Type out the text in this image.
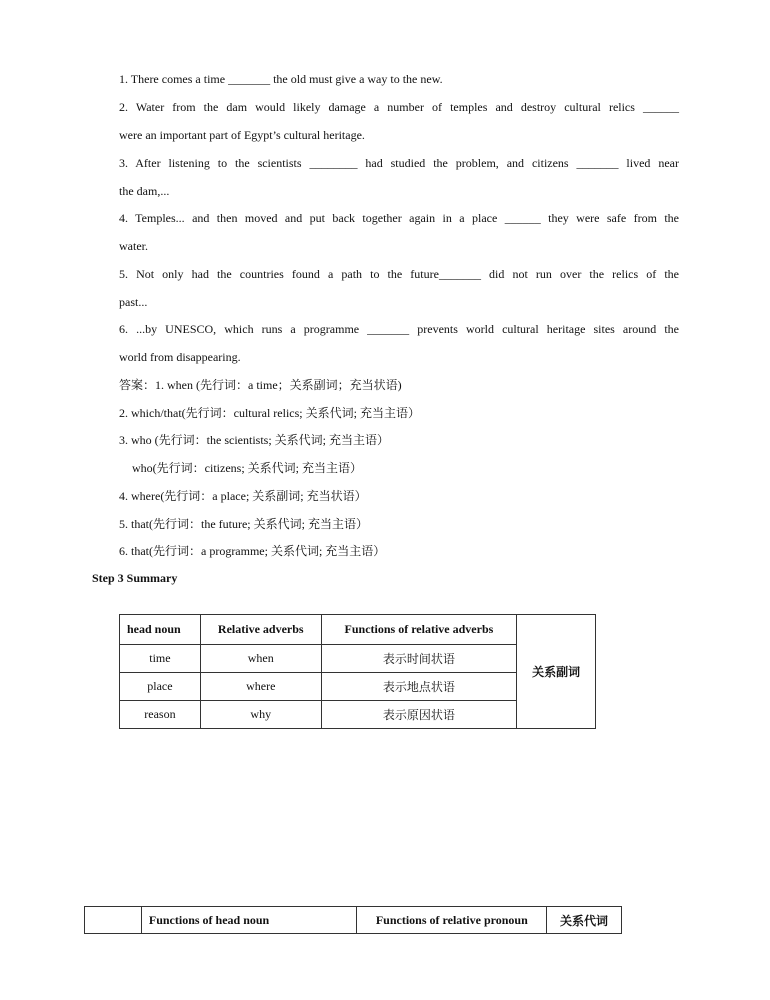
1. There comes a time _______ the old must give a way to the new.
2. Water from the dam would likely damage a number of temples and destroy cultural relics ______
were an important part of Egypt’s cultural heritage.
3. After listening to the scientists ________ had studied the problem, and citizens _______ lived near
the dam,...
4. Temples... and then moved and put back together again in a place ______ they were safe from the
water.
5. Not only had the countries found a path to the future_______ did not run over the relics of the
past...
6. ...by UNESCO, which runs a programme _______ prevents world cultural heritage sites around the
world from disappearing.
答案：1. when (先行词：a time；关系副词；充当状语)
2. which/that(先行词：cultural relics; 关系代词; 充当主语）
3. who (先行词：the scientists; 关系代词; 充当主语）
who(先行词：citizens; 关系代词; 充当主语）
4. where(先行词：a place; 关系副词; 充当状语）
5. that(先行词：the future; 关系代词; 充当主语）
6. that(先行词：a programme; 关系代词; 充当主语）
Step 3 Summary
head noun	Relative adverbs	Functions of relative adverbs	关系副词
time	when	表示时间状语	
place	where	表示地点状语	
reason	why	表示原因状语	
	Functions of head noun	Functions of relative pronoun	关系代词
